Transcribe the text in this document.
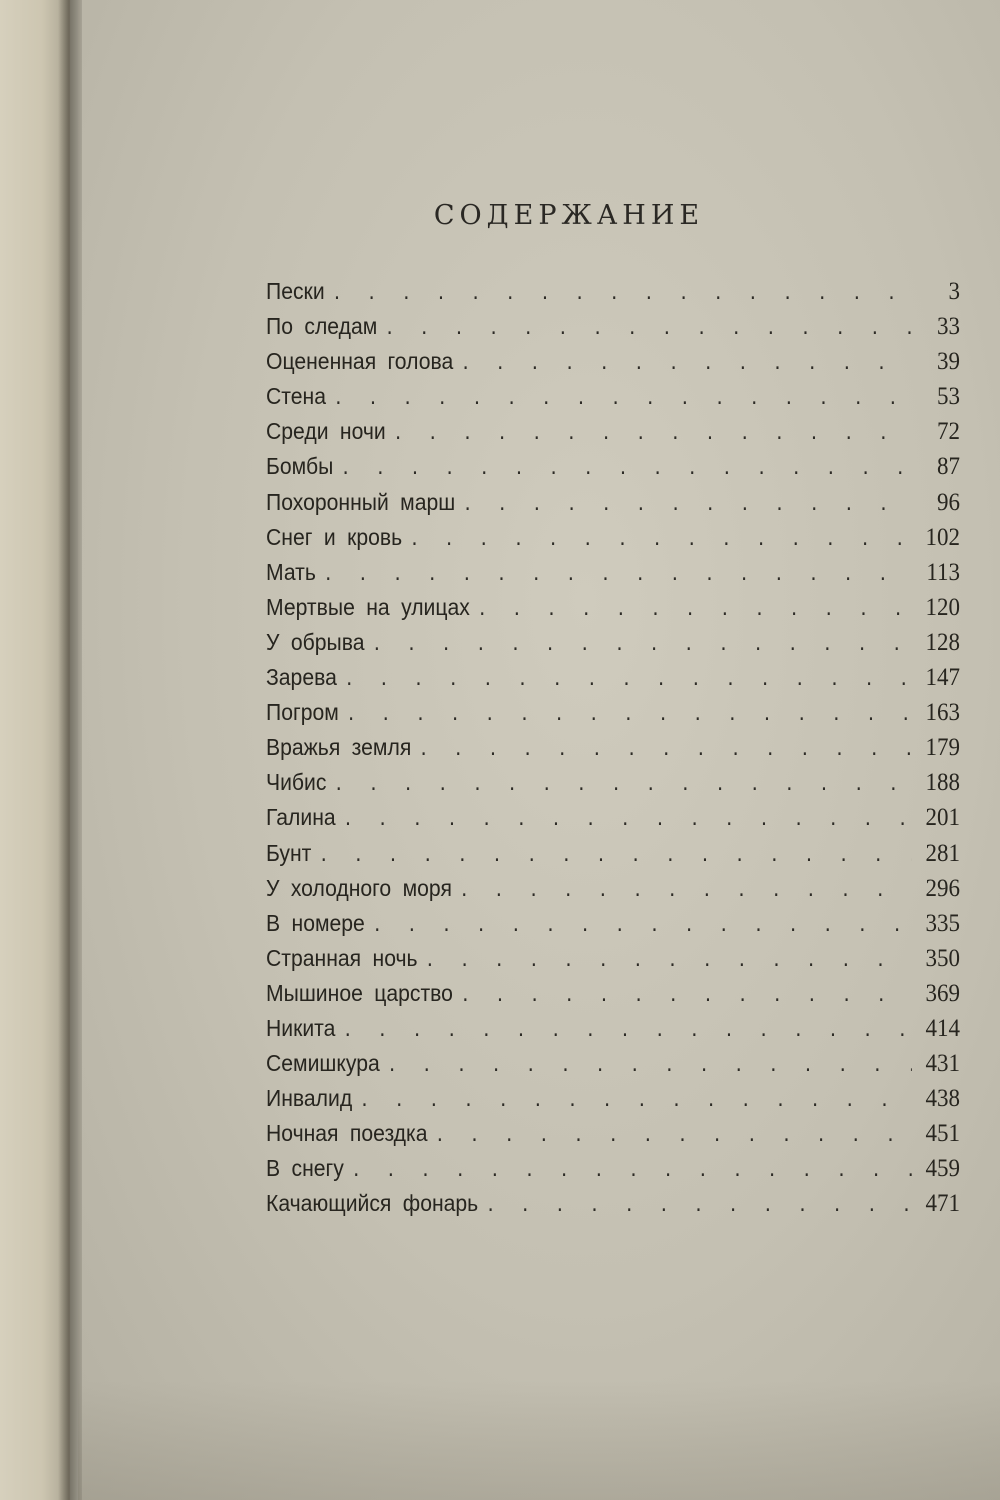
СОДЕРЖАНИЕ
Пески . . .	3
По следам . . .	33
Оцененная голова . . .	39
Стена . . .	53
Среди ночи . . .	72
Бомбы . . .	87
Похоронный марш . . .	96
Снег и кровь . . .	102
Мать . . .	113
Мертвые на улицах . . .	120
У обрыва . . .	128
Зарева . . .	147
Погром . . .	163
Вражья земля . . .	179
Чибис . . .	188
Галина . . .	201
Бунт . . .	281
У холодного моря . . .	296
В номере . . .	335
Странная ночь . . .	350
Мышиное царство . . .	369
Никита . . .	414
Семишкура . . .	431
Инвалид . . .	438
Ночная поездка . . .	451
В снегу . . .	459
Качающийся фонарь . . .	471
